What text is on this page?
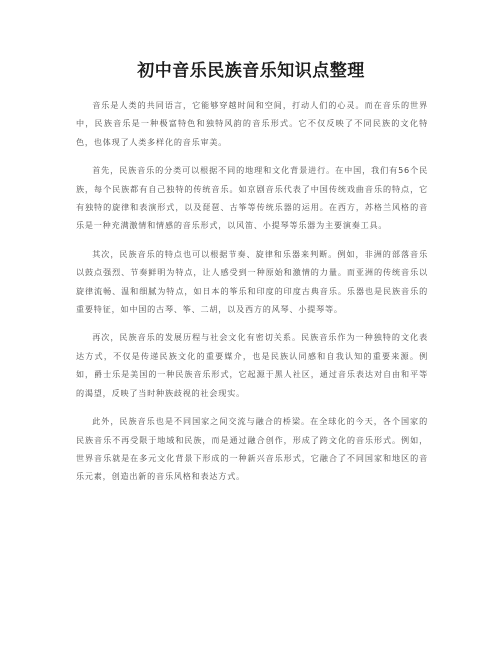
初中音乐民族音乐知识点整理

音乐是人类的共同语言，它能够穿越时间和空间，打动人们的心灵。而在音乐的世界中，民族音乐是一种极富特色和独特风韵的音乐形式。它不仅反映了不同民族的文化特色，也体现了人类多样化的音乐审美。

首先，民族音乐的分类可以根据不同的地理和文化背景进行。在中国，我们有56个民族，每个民族都有自己独特的传统音乐。如京剧音乐代表了中国传统戏曲音乐的特点，它有独特的旋律和表演形式，以及琵琶、古筝等传统乐器的运用。在西方，苏格兰风格的音乐是一种充满激情和情感的音乐形式，以风笛、小提琴等乐器为主要演奏工具。

其次，民族音乐的特点也可以根据节奏、旋律和乐器来判断。例如，非洲的部落音乐以鼓点强烈、节奏鲜明为特点，让人感受到一种原始和激情的力量。而亚洲的传统音乐以旋律流畅、温和细腻为特点，如日本的筝乐和印度的印度古典音乐。乐器也是民族音乐的重要特征，如中国的古琴、筝、二胡，以及西方的风琴、小提琴等。

再次，民族音乐的发展历程与社会文化有密切关系。民族音乐作为一种独特的文化表达方式，不仅是传递民族文化的重要媒介，也是民族认同感和自我认知的重要来源。例如，爵士乐是美国的一种民族音乐形式，它起源于黑人社区，通过音乐表达对自由和平等的渴望，反映了当时种族歧视的社会现实。

此外，民族音乐也是不同国家之间交流与融合的桥梁。在全球化的今天，各个国家的民族音乐不再受限于地域和民族，而是通过融合创作，形成了跨文化的音乐形式。例如，世界音乐就是在多元文化背景下形成的一种新兴音乐形式，它融合了不同国家和地区的音乐元素，创造出新的音乐风格和表达方式。
